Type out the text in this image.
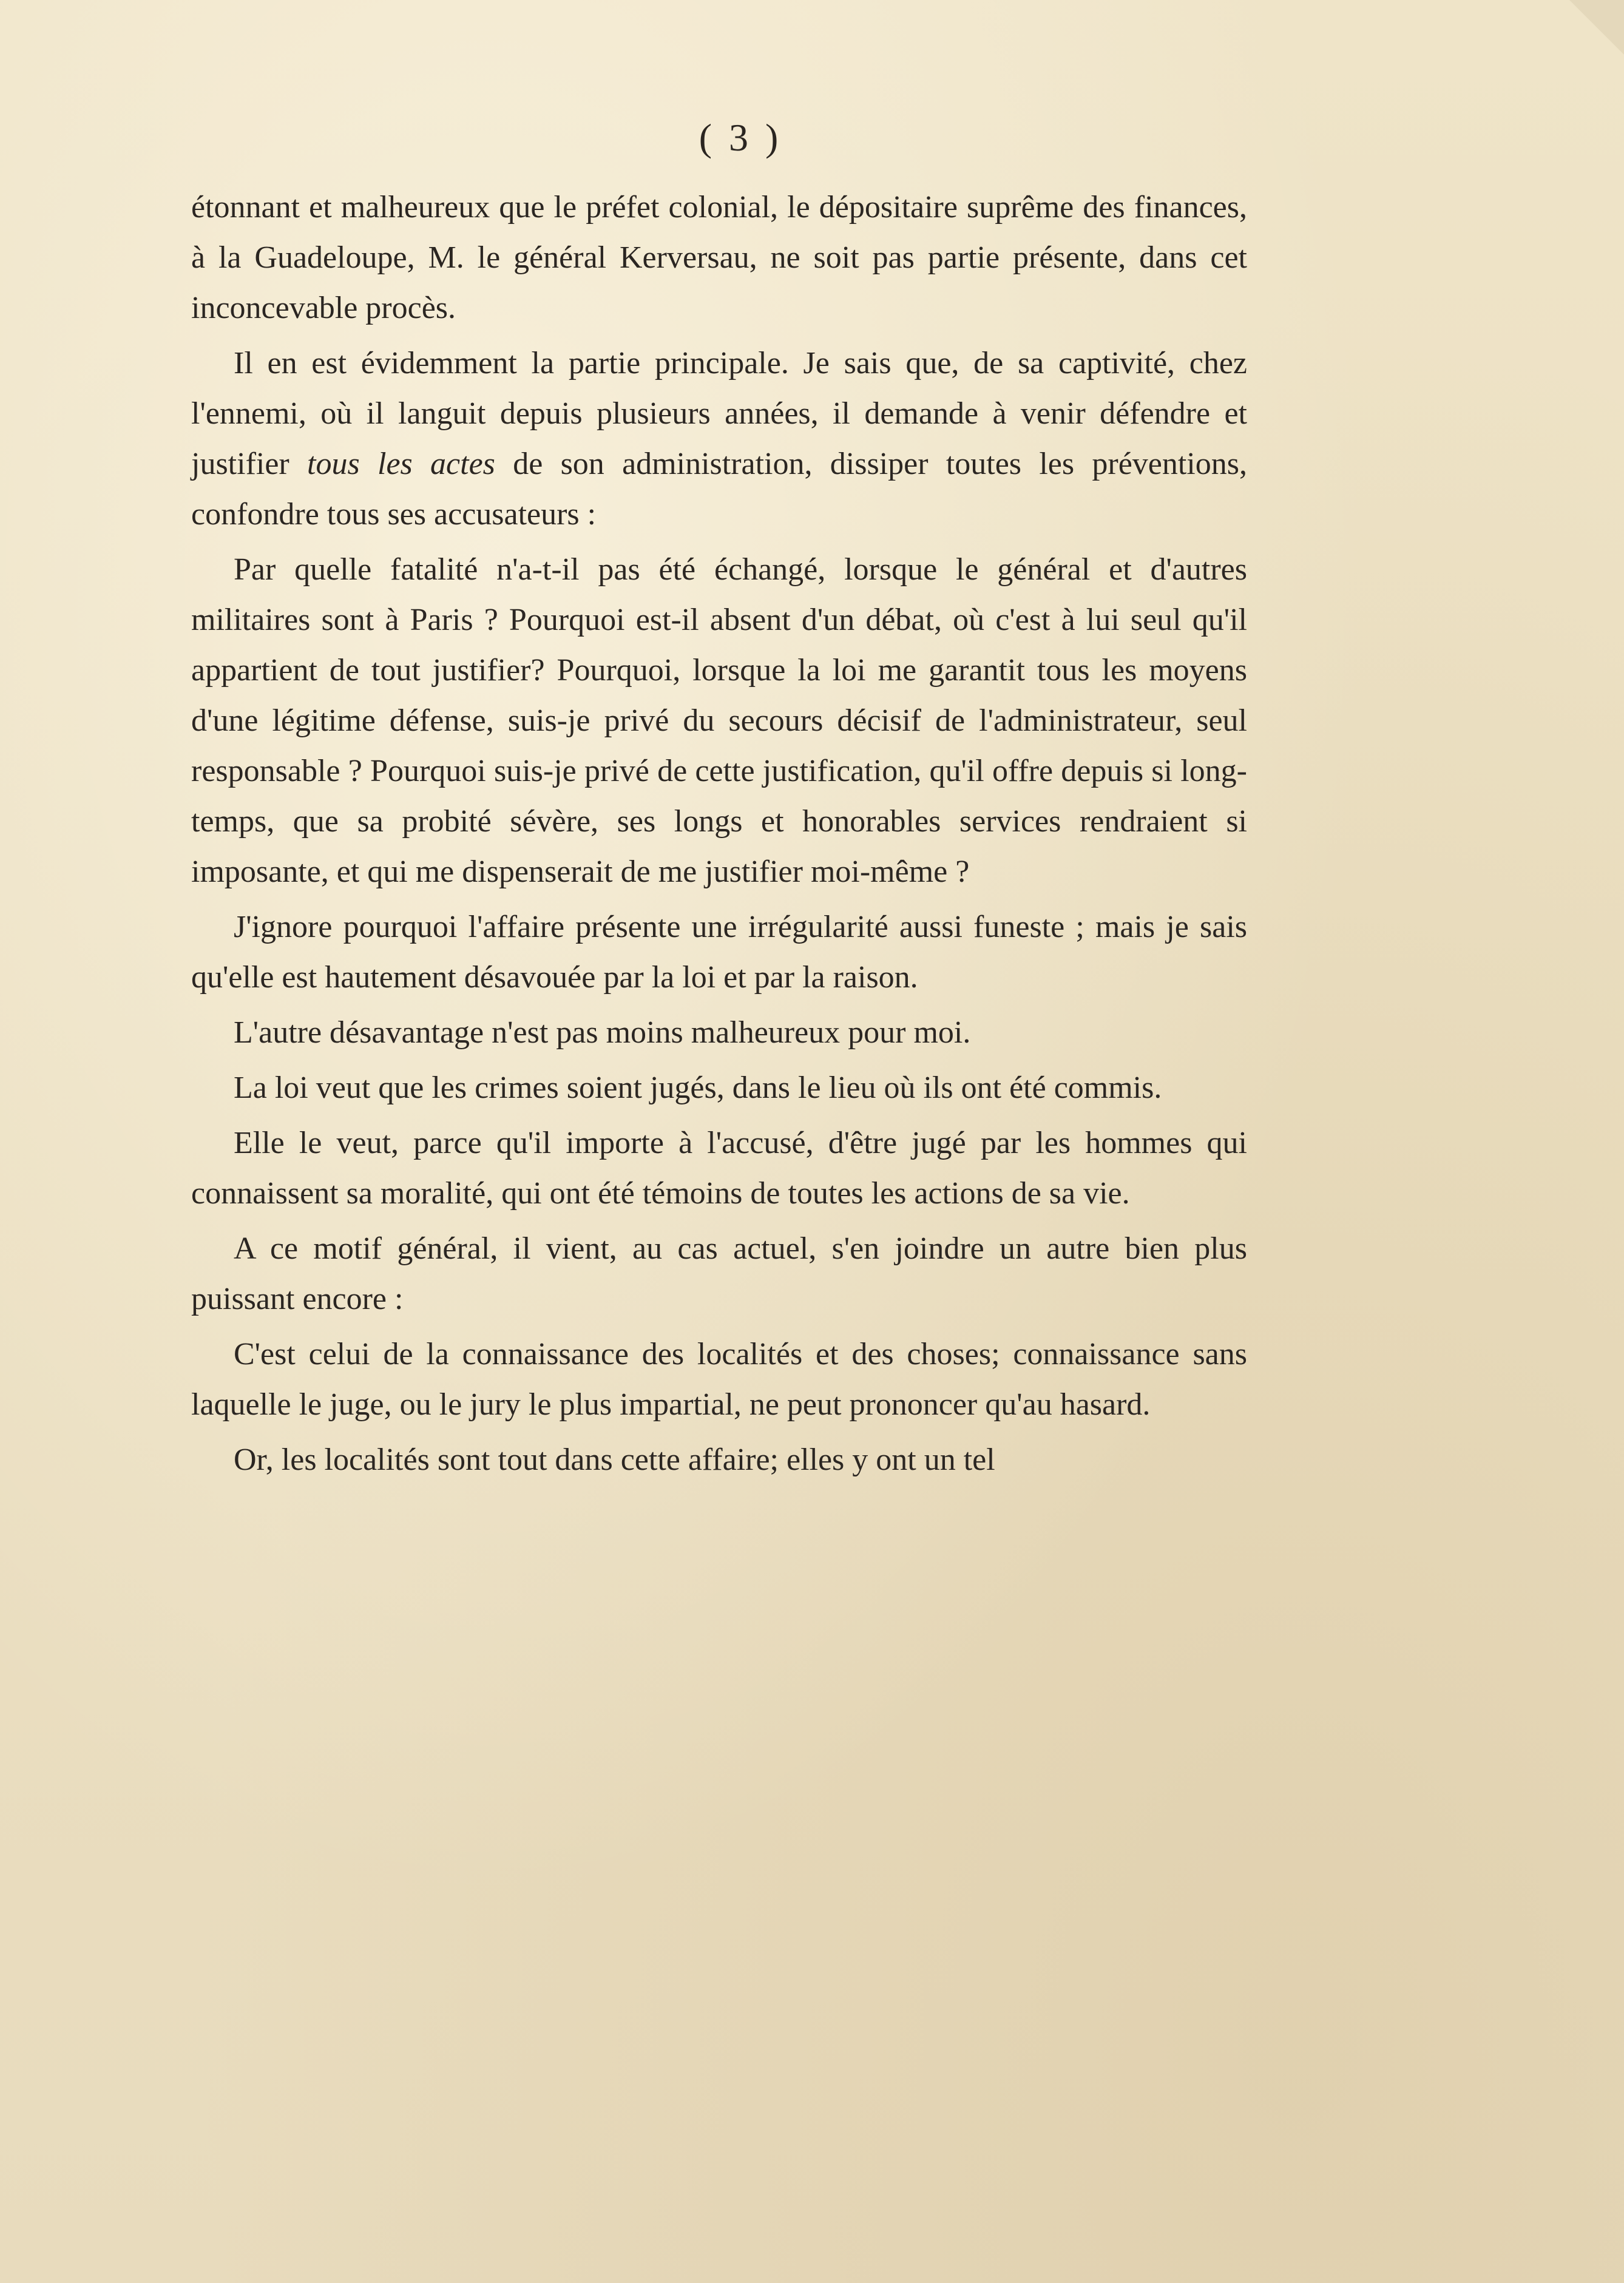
( 3 )

étonnant et malheureux que le préfet colonial, le dépositaire suprême des finances, à la Guadeloupe, M. le général Kerversau, ne soit pas partie présente, dans cet inconcevable procès.

Il en est évidemment la partie principale. Je sais que, de sa captivité, chez l'ennemi, où il languit depuis plusieurs années, il demande à venir défendre et justifier tous les actes de son administration, dissiper toutes les préventions, confondre tous ses accusateurs :

Par quelle fatalité n'a-t-il pas été échangé, lorsque le général et d'autres militaires sont à Paris ? Pourquoi est-il absent d'un débat, où c'est à lui seul qu'il appartient de tout justifier? Pourquoi, lorsque la loi me garantit tous les moyens d'une légitime défense, suis-je privé du secours décisif de l'administrateur, seul responsable ? Pourquoi suis-je privé de cette justification, qu'il offre depuis si long-temps, que sa probité sévère, ses longs et honorables services rendraient si imposante, et qui me dispenserait de me justifier moi-même ?

J'ignore pourquoi l'affaire présente une irrégularité aussi funeste ; mais je sais qu'elle est hautement désavouée par la loi et par la raison.

L'autre désavantage n'est pas moins malheureux pour moi.

La loi veut que les crimes soient jugés, dans le lieu où ils ont été commis.

Elle le veut, parce qu'il importe à l'accusé, d'être jugé par les hommes qui connaissent sa moralité, qui ont été témoins de toutes les actions de sa vie.

A ce motif général, il vient, au cas actuel, s'en joindre un autre bien plus puissant encore :

C'est celui de la connaissance des localités et des choses; connaissance sans laquelle le juge, ou le jury le plus impartial, ne peut prononcer qu'au hasard.

Or, les localités sont tout dans cette affaire; elles y ont un tel
